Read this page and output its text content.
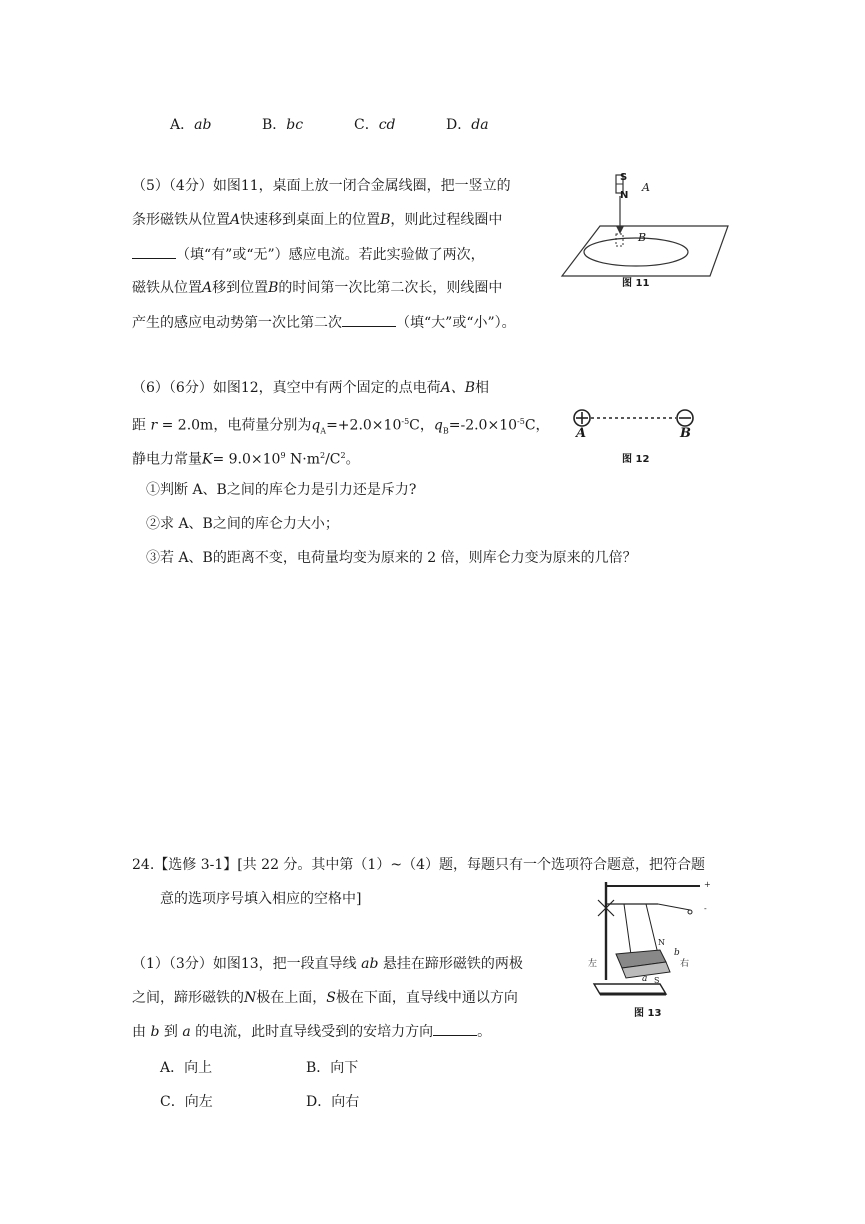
A．ab	B．bc	C．cd	D．da
（5）（4分）如图11，桌面上放一闭合金属线圈，把一竖立的
条形磁铁从位置A快速移到桌面上的位置B，则此过程线圈中
（填“有”或“无”）感应电流。若此实验做了两次，
磁铁从位置A移到位置B的时间第一次比第二次长，则线圈中
产生的感应电动势第一次比第二次	（填“大”或“小”）。
S
N
A
B
图 11
（6）（6分）如图12，真空中有两个固定的点电荷A、B相
距 r = 2.0m，电荷量分别为$q_A=+2.0\times 10^{-5}C$，$q_B=-2.0\times 10^{-5}C$，
静电力常量$K= 9.0\times 10^9$ $N\cdot m^2/C^2$。
①判断 A、B之间的库仑力是引力还是斥力?
②求 A、B之间的库仑力大小；
③若 A、B的距离不变，电荷量均变为原来的 2 倍，则库仑力变为原来的几倍？
A	B
图 12
24.【选修 3-1】[共 22 分。其中第（1）~（4）题，每题只有一个选项符合题意，把符合题
意的选项序号填入相应的空格中]
（1）（3分）如图13，把一段直导线 ab 悬挂在蹄形磁铁的两极
之间，蹄形磁铁的N极在上面，S极在下面，直导线中通以方向
由 b 到 a 的电流，此时直导线受到的安培力方向	。
A．向上	B．向下
C．向左	D．向右
+
-
左	右
N
b
a S
图 13
